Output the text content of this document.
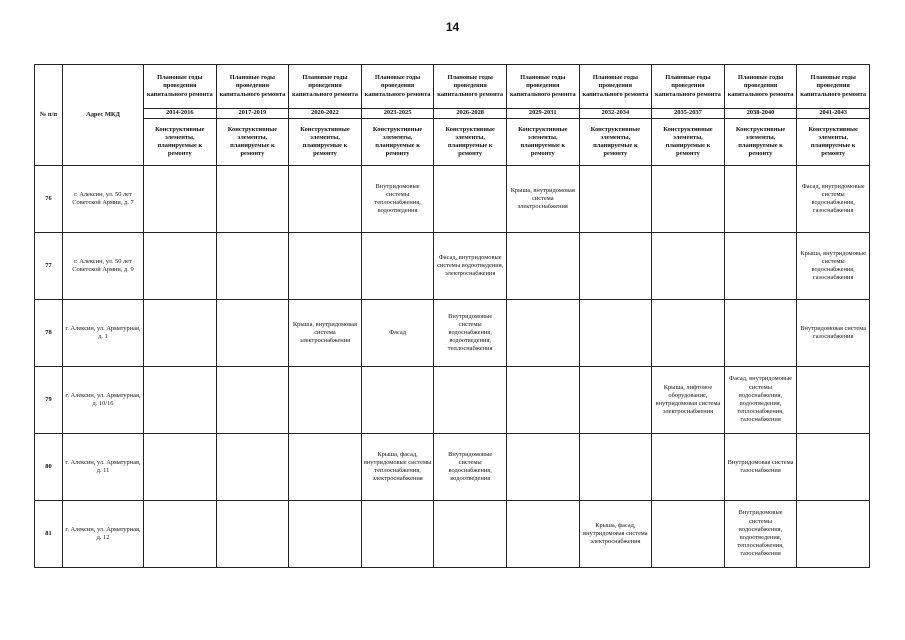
14
№ п/п	Адрес МКД	Плановые годы проведения капитального ремонта	Плановые годы проведения капитального ремонта	Плановые годы проведения капитального ремонта	Плановые годы проведения капитального ремонта	Плановые годы проведения капитального ремонта	Плановые годы проведения капитального ремонта	Плановые годы проведения капитального ремонта	Плановые годы проведения капитального ремонта	Плановые годы проведения капитального ремонта	Плановые годы проведения капитального ремонта
		2014-2016	2017-2019	2020-2022	2023-2025	2026-2028	2029-2031	2032-2034	2035-2037	2038-2040	2041-2043
		Конструктивные элементы, планируемые к ремонту	Конструктивные элементы, планируемые к ремонту	Конструктивные элементы, планируемые к ремонту	Конструктивные элементы, планируемые к ремонту	Конструктивные элементы, планируемые к ремонту	Конструктивные элементы, планируемые к ремонту	Конструктивные элементы, планируемые к ремонту	Конструктивные элементы, планируемые к ремонту	Конструктивные элементы, планируемые к ремонту	Конструктивные элементы, планируемые к ремонту
76	г. Алексин, ул. 50 лет Советской Армии, д. 7				Внутридомовые системы теплоснабжения, водоотведения		Крыша, внутридомовая система электроснабжения				Фасад, внутридомовые системы водоснабжения, газоснабжения
77	г. Алексин, ул. 50 лет Советской Армии, д. 9					Фасад, внутридомовые системы водоотведения, электроснабжения					Крыша, внутридомовые системы водоснабжения, газоснабжения
78	г. Алексин, ул. Арматурная, д. 1			Крыша, внутридомовая система электроснабжения	Фасад	Внутридомовые системы водоснабжения, водоотведения, теплоснабжения					Внутридомовая система газоснабжения
79	г. Алексин, ул. Арматурная, д. 10/16								Крыша, лифтовое оборудование, внутридомовая система электроснабжения	Фасад, внутридомовые системы водоснабжения, водоотведения, теплоснабжения, газоснабжения	
80	г. Алексин, ул. Арматурная, д. 11				Крыша, фасад, внутридомовые системы теплоснабжения, электроснабжения	Внутридомовые системы водоснабжения, водоотведения				Внутридомовая система газоснабжения	
81	г. Алексин, ул. Арматурная, д. 12							Крыша, фасад, внутридомовая система электроснабжения		Внутридомовые системы водоснабжения, водоотведения, теплоснабжения, газоснабжения	
